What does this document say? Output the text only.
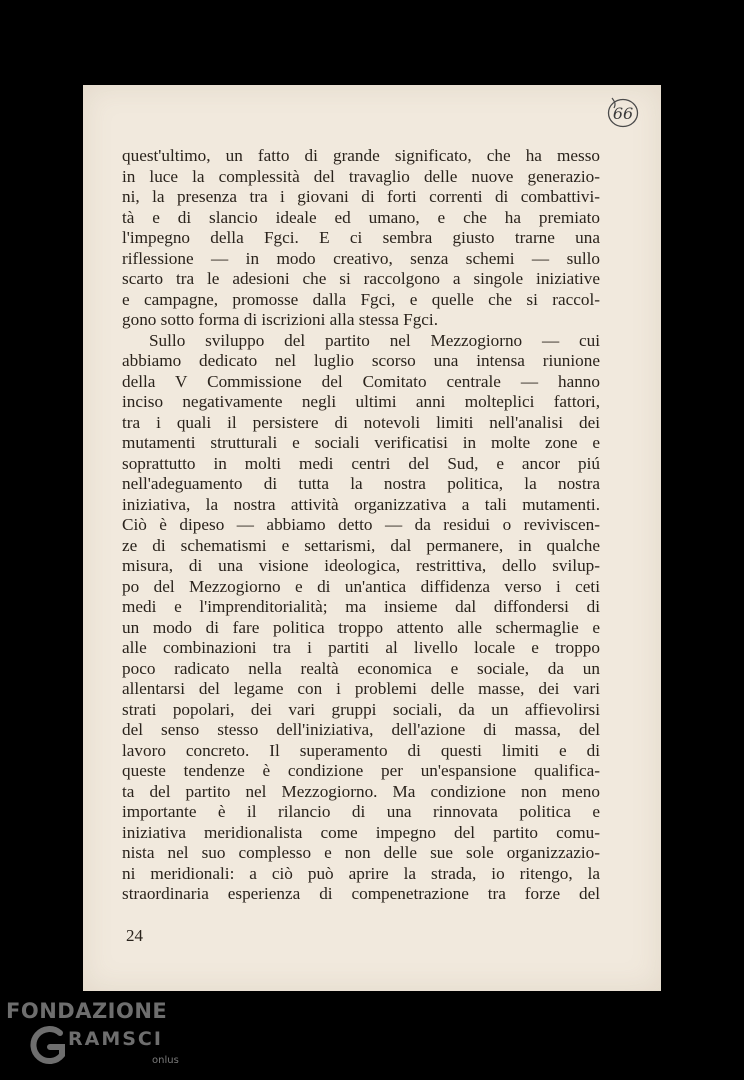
66
quest'ultimo, un fatto di grande significato, che ha messo
in luce la complessità del travaglio delle nuove generazio-
ni, la presenza tra i giovani di forti correnti di combattivi-
tà e di slancio ideale ed umano, e che ha premiato
l'impegno della Fgci. E ci sembra giusto trarne una
riflessione — in modo creativo, senza schemi — sullo
scarto tra le adesioni che si raccolgono a singole iniziative
e campagne, promosse dalla Fgci, e quelle che si raccol-
gono sotto forma di iscrizioni alla stessa Fgci.
Sullo sviluppo del partito nel Mezzogiorno — cui
abbiamo dedicato nel luglio scorso una intensa riunione
della V Commissione del Comitato centrale — hanno
inciso negativamente negli ultimi anni molteplici fattori,
tra i quali il persistere di notevoli limiti nell'analisi dei
mutamenti strutturali e sociali verificatisi in molte zone e
soprattutto in molti medi centri del Sud, e ancor piú
nell'adeguamento di tutta la nostra politica, la nostra
iniziativa, la nostra attività organizzativa a tali mutamenti.
Ciò è dipeso — abbiamo detto — da residui o reviviscen-
ze di schematismi e settarismi, dal permanere, in qualche
misura, di una visione ideologica, restrittiva, dello svilup-
po del Mezzogiorno e di un'antica diffidenza verso i ceti
medi e l'imprenditorialità; ma insieme dal diffondersi di
un modo di fare politica troppo attento alle schermaglie e
alle combinazioni tra i partiti al livello locale e troppo
poco radicato nella realtà economica e sociale, da un
allentarsi del legame con i problemi delle masse, dei vari
strati popolari, dei vari gruppi sociali, da un affievolirsi
del senso stesso dell'iniziativa, dell'azione di massa, del
lavoro concreto. Il superamento di questi limiti e di
queste tendenze è condizione per un'espansione qualifica-
ta del partito nel Mezzogiorno. Ma condizione non meno
importante è il rilancio di una rinnovata politica e
iniziativa meridionalista come impegno del partito comu-
nista nel suo complesso e non delle sue sole organizzazio-
ni meridionali: a ciò può aprire la strada, io ritengo, la
straordinaria esperienza di compenetrazione tra forze del
24
FONDAZIONE
RAMSCI
onlus
